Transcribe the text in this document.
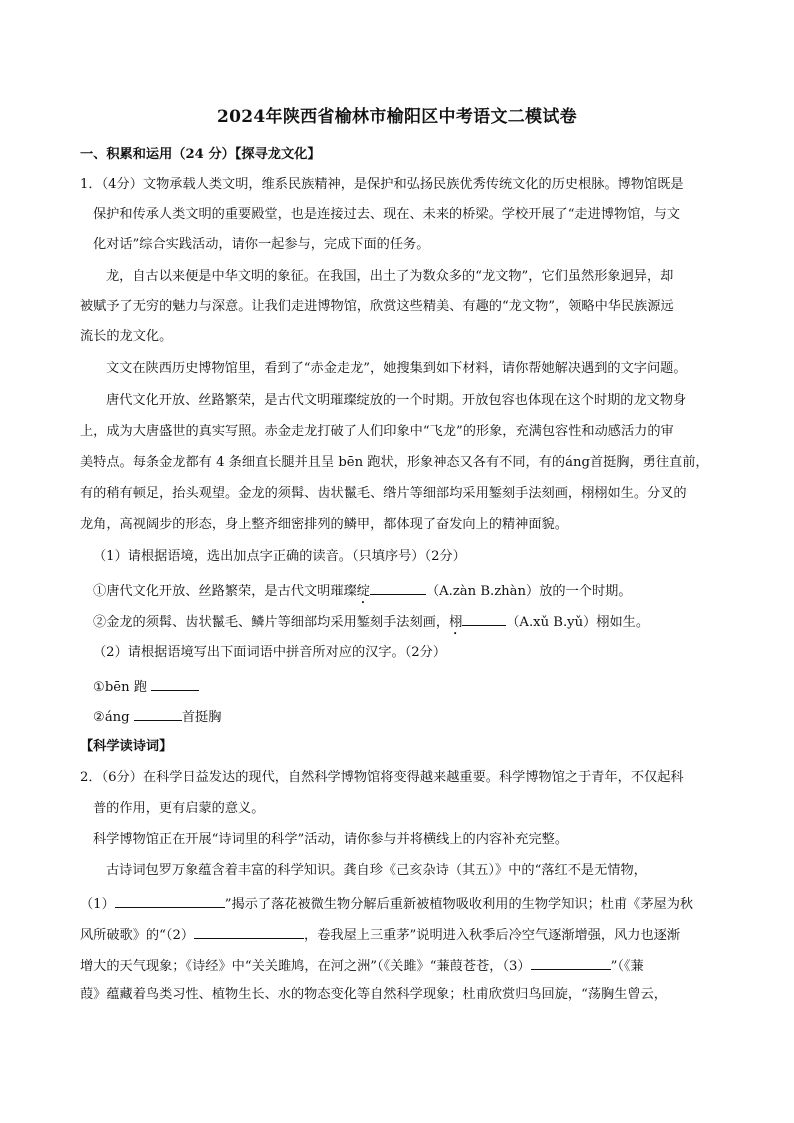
2024年陕西省榆林市榆阳区中考语文二模试卷
一、积累和运用（24 分）【探寻龙文化】
1．（4分）文物承载人类文明，维系民族精神，是保护和弘扬民族优秀传统文化的历史根脉。博物馆既是
保护和传承人类文明的重要殿堂，也是连接过去、现在、未来的桥梁。学校开展了“走进博物馆，与文
化对话”综合实践活动，请你一起参与，完成下面的任务。
龙，自古以来便是中华文明的象征。在我国，出土了为数众多的“龙文物”，它们虽然形象迥异，却
被赋予了无穷的魅力与深意。让我们走进博物馆，欣赏这些精美、有趣的“龙文物”，领略中华民族源远
流长的龙文化。
文文在陕西历史博物馆里，看到了“赤金走龙”，她搜集到如下材料，请你帮她解决遇到的文字问题。
唐代文化开放、丝路繁荣，是古代文明璀璨绽放的一个时期。开放包容也体现在这个时期的龙文物身
上，成为大唐盛世的真实写照。赤金走龙打破了人们印象中“飞龙”的形象，充满包容性和动感活力的审
美特点。每条金龙都有 4 条细直长腿并且呈 bēn 跑状，形象神态又各有不同，有的áng首挺胸，勇往直前，
有的稍有顿足，抬头观望。金龙的须髯、齿状鬣毛、绺片等细部均采用錾刻手法刻画，栩栩如生。分叉的
龙角，高视阔步的形态，身上整齐细密排列的鳞甲，都体现了奋发向上的精神面貌。
（1）请根据语境，选出加点字正确的读音。（只填序号）（2分）
①唐代文化开放、丝路繁荣，是古代文明璀璨绽	（A.zàn B.zhàn）放的一个时期。
②金龙的须髯、齿状鬣毛、鳞片等细部均采用錾刻手法刻画，栩	（A.xǔ B.yǔ）栩如生。
（2）请根据语境写出下面词语中拼音所对应的汉字。（2分）
①bēn 跑
②áng	首挺胸
【科学读诗词】
2．（6分）在科学日益发达的现代，自然科学博物馆将变得越来越重要。科学博物馆之于青年，不仅起科
普的作用，更有启蒙的意义。
科学博物馆正在开展“诗词里的科学”活动，请你参与并将横线上的内容补充完整。
古诗词包罗万象蕴含着丰富的科学知识。龚自珍《己亥杂诗（其五）》中的“落红不是无情物，
（1）	”揭示了落花被微生物分解后重新被植物吸收利用的生物学知识；杜甫《茅屋为秋
风所破歌》的“（2）	，卷我屋上三重茅”说明进入秋季后冷空气逐渐增强，风力也逐渐
增大的天气现象；《诗经》中“关关雎鸠，在河之洲”（《关雎》“蒹葭苍苍，（3）	”（《蒹
葭》蕴藏着鸟类习性、植物生长、水的物态变化等自然科学现象；杜甫欣赏归鸟回旋，“荡胸生曾云，
